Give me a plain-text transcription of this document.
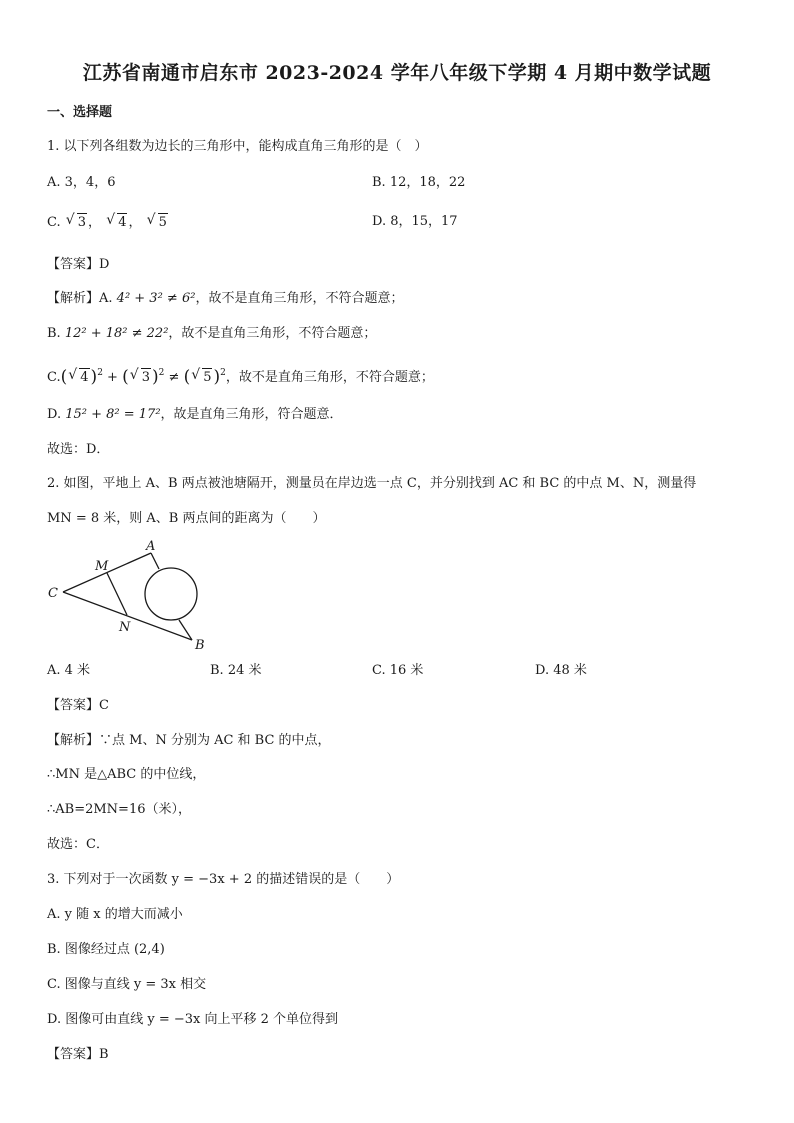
江苏省南通市启东市 2023-2024 学年八年级下学期 4 月期中数学试题
一、选择题
1. 以下列各组数为边长的三角形中，能构成直角三角形的是（　）
A. 3，4，6	B. 12，18，22
C. √ 3 ， √ 4 ， √ 5	D. 8，15，17
【答案】D
【解析】A. 4² + 3² ≠ 6²，故不是直角三角形，不符合题意；
B. 12² + 18² ≠ 22²，故不是直角三角形，不符合题意；
C.( √ 4 )$^2$ + ( √ 3 )$^2$ ≠ ( √ 5 )$^2$，故不是直角三角形，不符合题意；
D. 15² + 8² = 17²，故是直角三角形，符合题意．
故选：D．
2. 如图，平地上 A、B 两点被池塘隔开，测量员在岸边选一点 C，并分别找到 AC 和 BC 的中点 M、N，测量得
MN = 8 米，则 A、B 两点间的距离为（　　）
A
B
C
M
N
A. 4 米	B. 24 米	C. 16 米	D. 48 米
【答案】C
【解析】∵点 M、N 分别为 AC 和 BC 的中点，
∴MN 是△ABC 的中位线，
∴AB=2MN=16（米），
故选：C．
3. 下列对于一次函数 y = −3x + 2 的描述错误的是（　　）
A. y 随 x 的增大而减小
B. 图像经过点 (2,4)
C. 图像与直线 y = 3x 相交
D. 图像可由直线 y = −3x 向上平移 2 个单位得到
【答案】B
